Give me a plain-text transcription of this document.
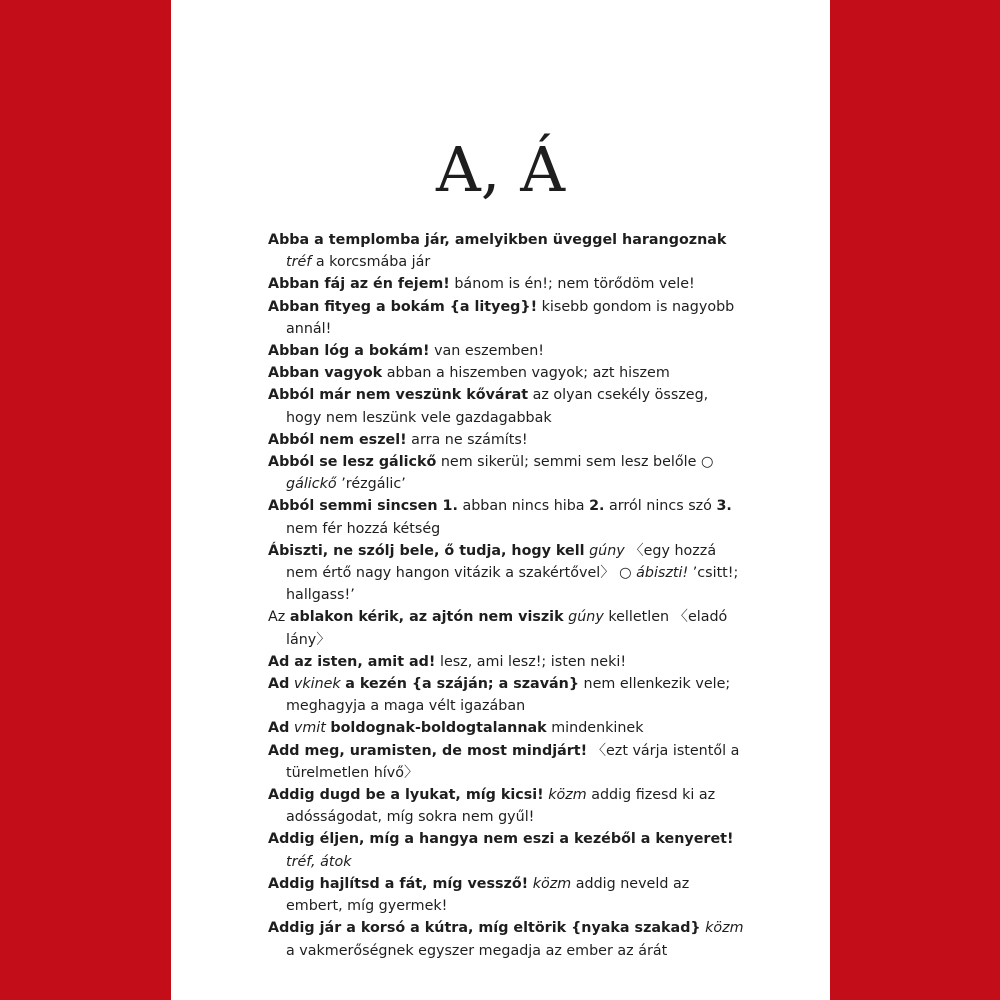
A, Á

Abba a templomba jár, amelyikben üveggel harangoznak tréf a korcsmába jár

Abban fáj az én fejem! bánom is én!; nem törődöm vele!

Abban fityeg a bokám {a lityeg}! kisebb gondom is nagyobb annál!

Abban lóg a bokám! van eszemben!

Abban vagyok abban a hiszemben vagyok; azt hiszem

Abból már nem veszünk kővárat az olyan csekély összeg, hogy nem leszünk vele gazdagabbak

Abból nem eszel! arra ne számíts!

Abból se lesz gálickő nem sikerül; semmi sem lesz belőle ○ gálickő ’rézgálic’

Abból semmi sincsen 1. abban nincs hiba 2. arról nincs szó 3. nem fér hozzá kétség

Ábiszti, ne szólj bele, ő tudja, hogy kell gúny 〈egy hozzá nem értő nagy hangon vitázik a szakértővel〉 ○ ábiszti! ’csitt!; hallgass!’

Az ablakon kérik, az ajtón nem viszik gúny kelletlen 〈eladó lány〉

Ad az isten, amit ad! lesz, ami lesz!; isten neki!

Ad vkinek a kezén {a száján; a szaván} nem ellenkezik vele; meghagyja a maga vélt igazában

Ad vmit boldognak-boldogtalannak mindenkinek

Add meg, uramisten, de most mindjárt! 〈ezt várja istentől a türelmetlen hívő〉

Addig dugd be a lyukat, míg kicsi! közm addig fizesd ki az adósságodat, míg sokra nem gyűl!

Addig éljen, míg a hangya nem eszi a kezéből a kenyeret! tréf, átok

Addig hajlítsd a fát, míg vessző! közm addig neveld az embert, míg gyermek!

Addig jár a korsó a kútra, míg eltörik {nyaka szakad} közm a vakmerőségnek egyszer megadja az ember az árát
